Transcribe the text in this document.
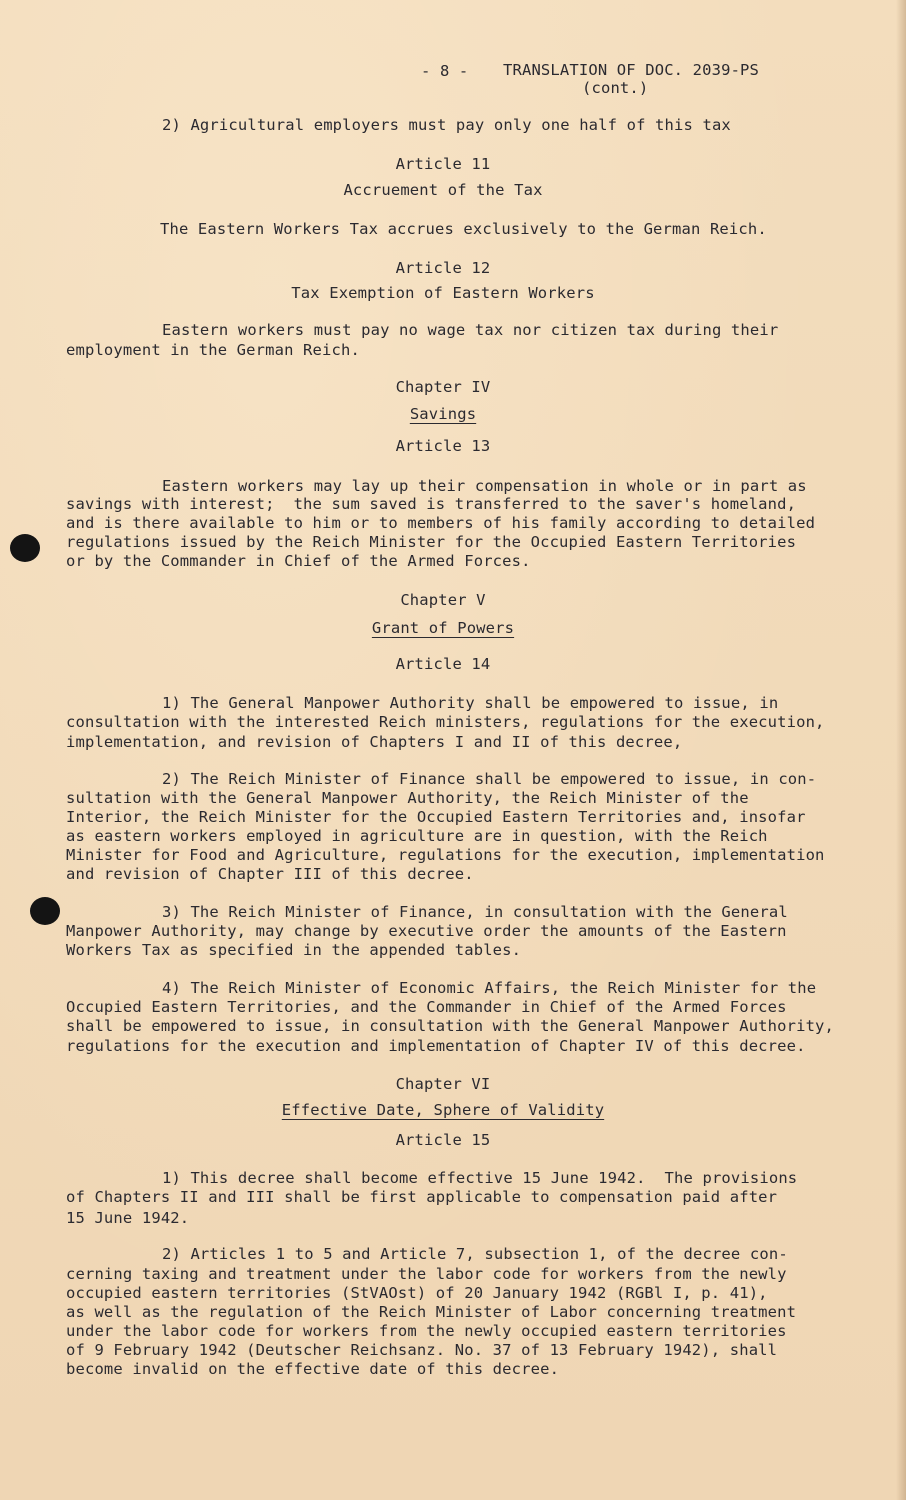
- 8 - TRANSLATION OF DOC. 2039-PS
(cont.)
2) Agricultural employers must pay only one half of this tax
Article 11
Accruement of the Tax
The Eastern Workers Tax accrues exclusively to the German Reich.
Article 12
Tax Exemption of Eastern Workers
Eastern workers must pay no wage tax nor citizen tax during their
employment in the German Reich.
Chapter IV
Savings
Article 13
Eastern workers may lay up their compensation in whole or in part as
savings with interest;  the sum saved is transferred to the saver's homeland,
and is there available to him or to members of his family according to detailed
regulations issued by the Reich Minister for the Occupied Eastern Territories
or by the Commander in Chief of the Armed Forces.
Chapter V
Grant of Powers
Article 14
1) The General Manpower Authority shall be empowered to issue, in
consultation with the interested Reich ministers, regulations for the execution,
implementation, and revision of Chapters I and II of this decree,
2) The Reich Minister of Finance shall be empowered to issue, in con-
sultation with the General Manpower Authority, the Reich Minister of the
Interior, the Reich Minister for the Occupied Eastern Territories and, insofar
as eastern workers employed in agriculture are in question, with the Reich
Minister for Food and Agriculture, regulations for the execution, implementation
and revision of Chapter III of this decree.
3) The Reich Minister of Finance, in consultation with the General
Manpower Authority, may change by executive order the amounts of the Eastern
Workers Tax as specified in the appended tables.
4) The Reich Minister of Economic Affairs, the Reich Minister for the
Occupied Eastern Territories, and the Commander in Chief of the Armed Forces
shall be empowered to issue, in consultation with the General Manpower Authority,
regulations for the execution and implementation of Chapter IV of this decree.
Chapter VI
Effective Date, Sphere of Validity
Article 15
1) This decree shall become effective 15 June 1942.  The provisions
of Chapters II and III shall be first applicable to compensation paid after
15 June 1942.
2) Articles 1 to 5 and Article 7, subsection 1, of the decree con-
cerning taxing and treatment under the labor code for workers from the newly
occupied eastern territories (StVAOst) of 20 January 1942 (RGBl I, p. 41),
as well as the regulation of the Reich Minister of Labor concerning treatment
under the labor code for workers from the newly occupied eastern territories
of 9 February 1942 (Deutscher Reichsanz. No. 37 of 13 February 1942), shall
become invalid on the effective date of this decree.
